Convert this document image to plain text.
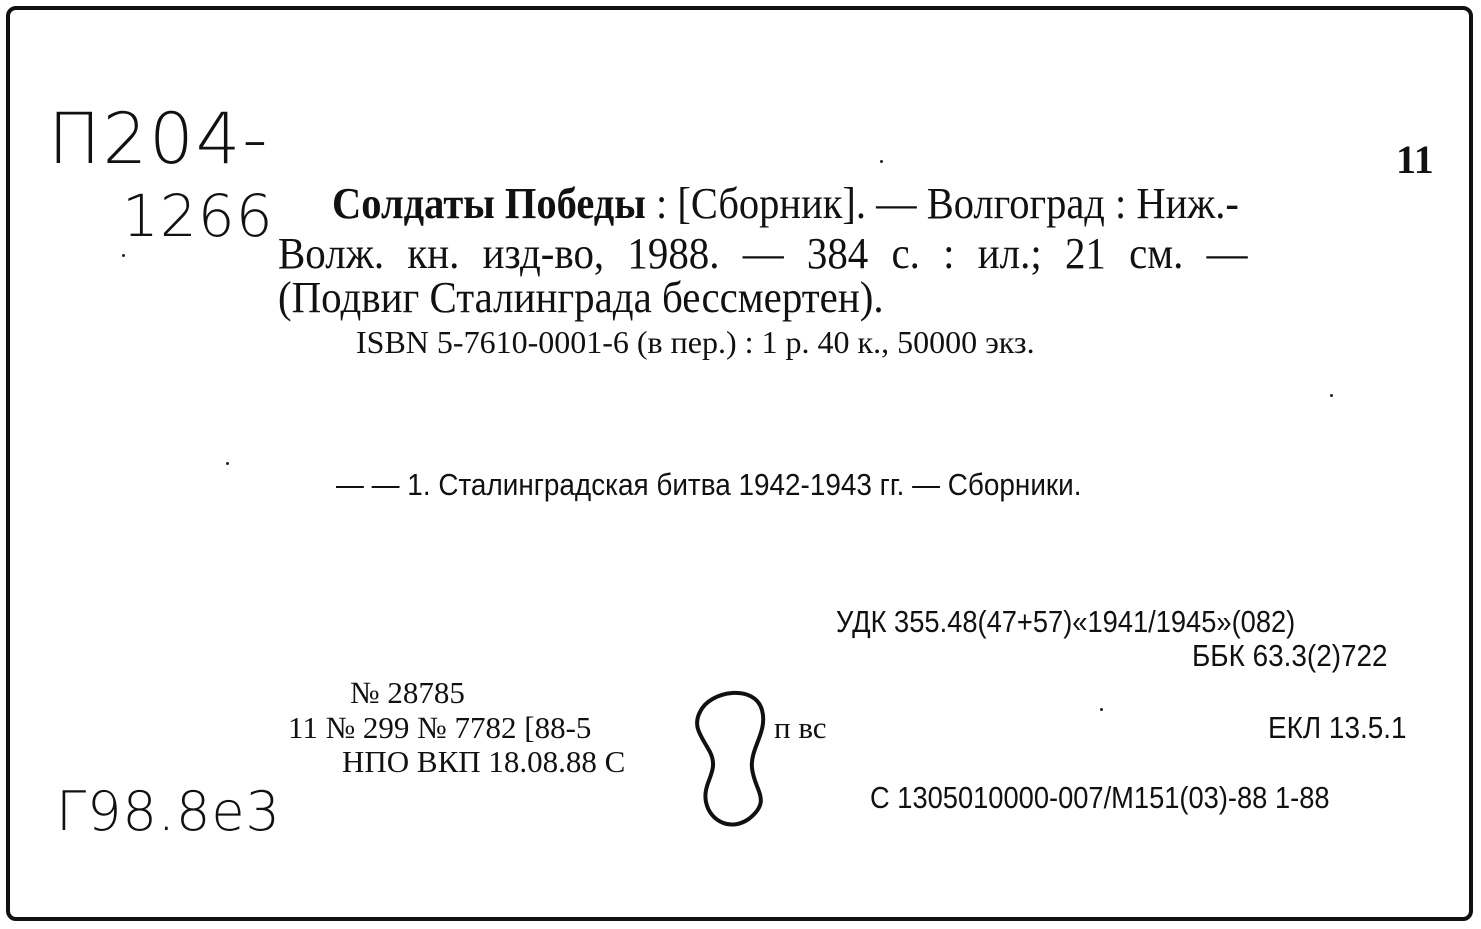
П204-
1266
11
Солдаты Победы : [Сборник]. — Волгоград : Ниж.-
Волж. кн. изд-во, 1988. — 384 с. : ил.; 21 см. —
(Подвиг Сталинграда бессмертен).
ISBN 5-7610-0001-6 (в пер.) : 1 р. 40 к., 50000 экз.
— — 1. Сталинградская битва 1942-1943 гг. — Сборники.
УДК 355.48(47+57)«1941/1945»(082)
ББК 63.3(2)722
№ 28785
11 № 299 № 7782 [88-5	п вс
НПО ВКП 18.08.88 С
ЕКЛ 13.5.1
С 1305010000-007/М151(03)-88 1-88
Г98.8е3
